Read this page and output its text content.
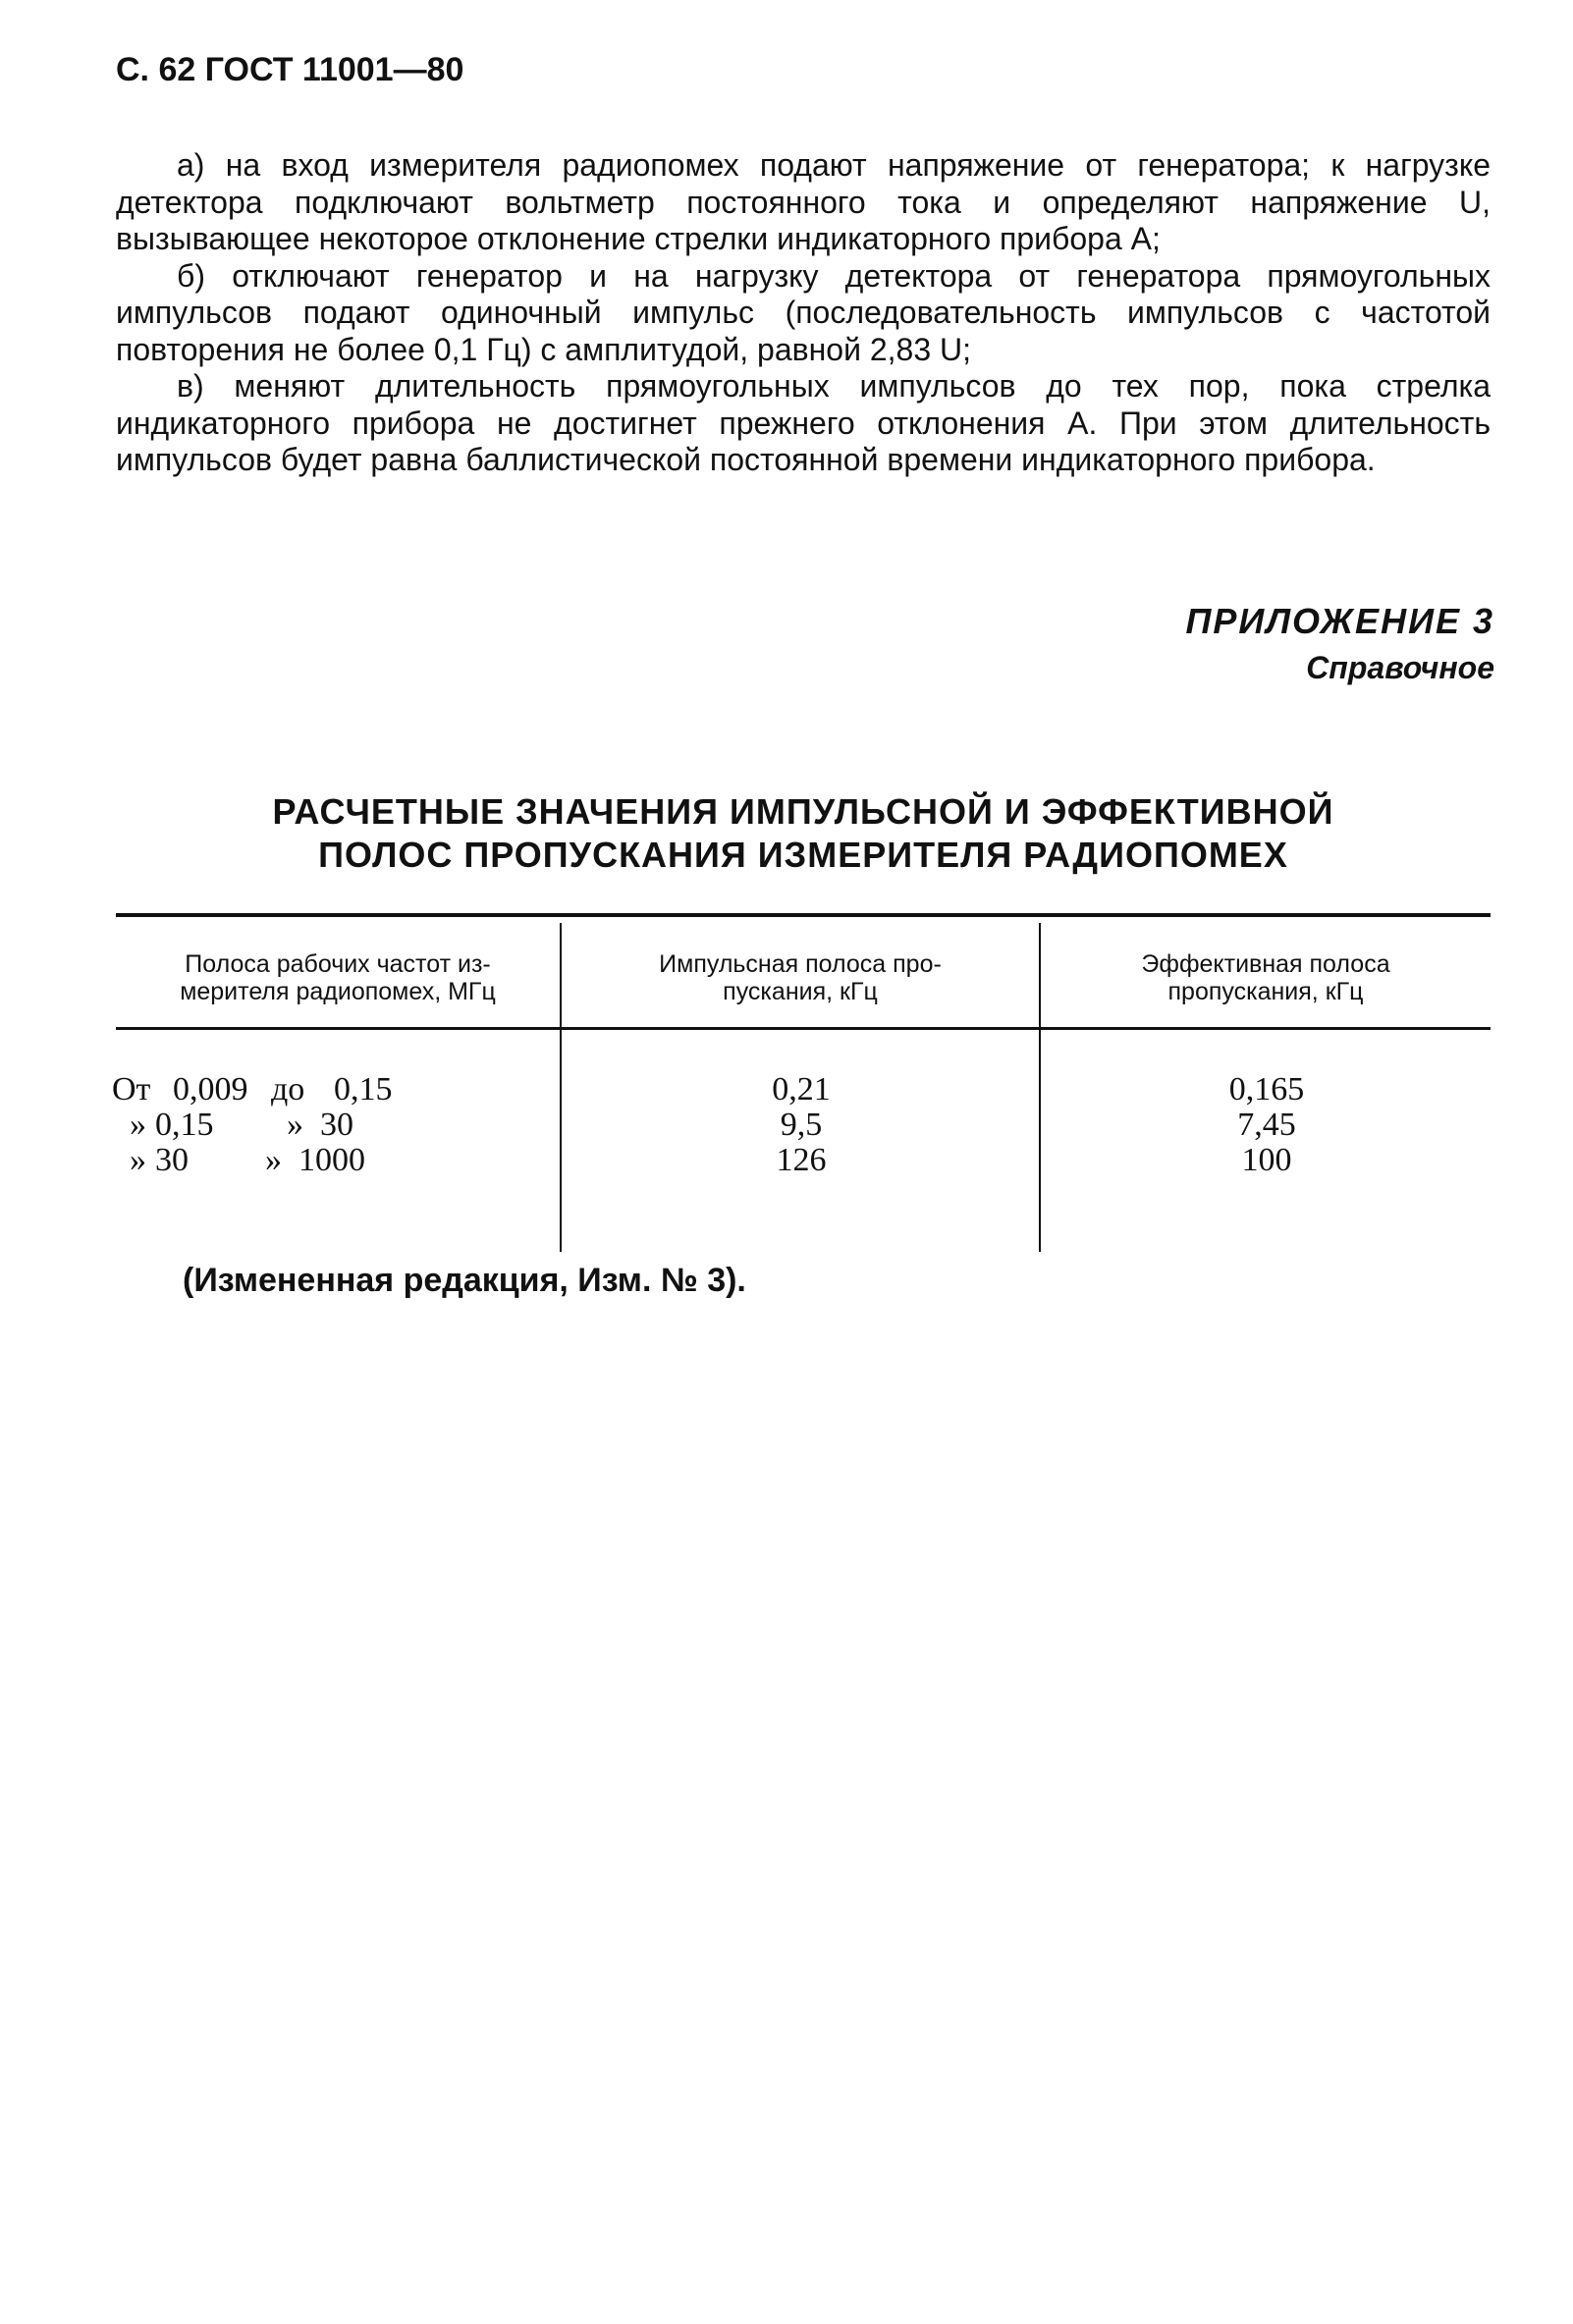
С. 62 ГОСТ 11001—80

а) на вход измерителя радиопомех подают напряжение от генератора; к нагрузке детектора подключают вольтметр постоянного тока и определяют напряжение U, вызывающее некоторое отклонение стрелки индикаторного прибора A;

б) отключают генератор и на нагрузку детектора от генератора прямоугольных импульсов подают одиночный импульс (последовательность импульсов с частотой повторения не более 0,1 Гц) с амплитудой, равной 2,83 U;

в) меняют длительность прямоугольных импульсов до тех пор, пока стрелка индикаторного прибора не достигнет прежнего отклонения A. При этом длительность импульсов будет равна баллистической постоянной времени индикаторного прибора.

ПРИЛОЖЕНИЕ 3
Справочное
РАСЧЕТНЫЕ ЗНАЧЕНИЯ ИМПУЛЬСНОЙ И ЭФФЕКТИВНОЙ
ПОЛОС ПРОПУСКАНИЯ ИЗМЕРИТЕЛЯ РАДИОПОМЕХ
Полоса рабочих частот из-
мерителя радиопомех, МГц
Импульсная полоса про-
пускания, кГц
Эффективная полоса
пропускания, кГц
От 0,009 до 0,15
» 0,15 » 30
» 30 » 1000
0,21
9,5
126
0,165
7,45
100
(Измененная редакция, Изм. № 3).
